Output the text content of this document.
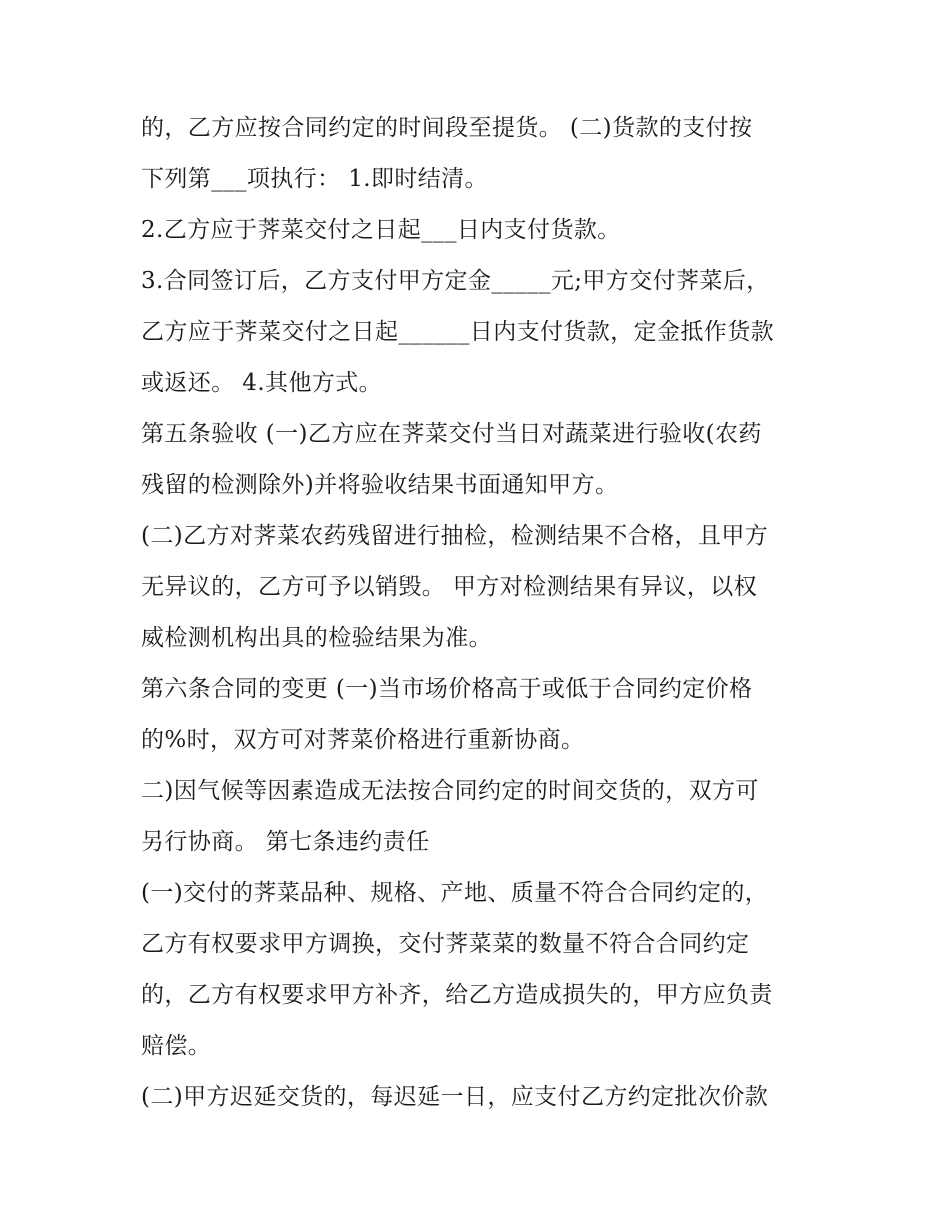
的，乙方应按合同约定的时间段至提货。 (二)货款的支付按
下列第___项执行： 1.即时结清。
2.乙方应于荠菜交付之日起___日内支付货款。
3.合同签订后，乙方支付甲方定金_____元;甲方交付荠菜后，
乙方应于荠菜交付之日起______日内支付货款，定金抵作货款
或返还。 4.其他方式。
第五条验收 (一)乙方应在荠菜交付当日对蔬菜进行验收(农药
残留的检测除外)并将验收结果书面通知甲方。
(二)乙方对荠菜农药残留进行抽检，检测结果不合格，且甲方
无异议的，乙方可予以销毁。 甲方对检测结果有异议，以权
威检测机构出具的检验结果为准。
第六条合同的变更 (一)当市场价格高于或低于合同约定价格
的%时，双方可对荠菜价格进行重新协商。
二)因气候等因素造成无法按合同约定的时间交货的，双方可
另行协商。 第七条违约责任
(一)交付的荠菜品种、规格、产地、质量不符合合同约定的，
乙方有权要求甲方调换，交付荠菜菜的数量不符合合同约定
的，乙方有权要求甲方补齐，给乙方造成损失的，甲方应负责
赔偿。
(二)甲方迟延交货的，每迟延一日，应支付乙方约定批次价款
